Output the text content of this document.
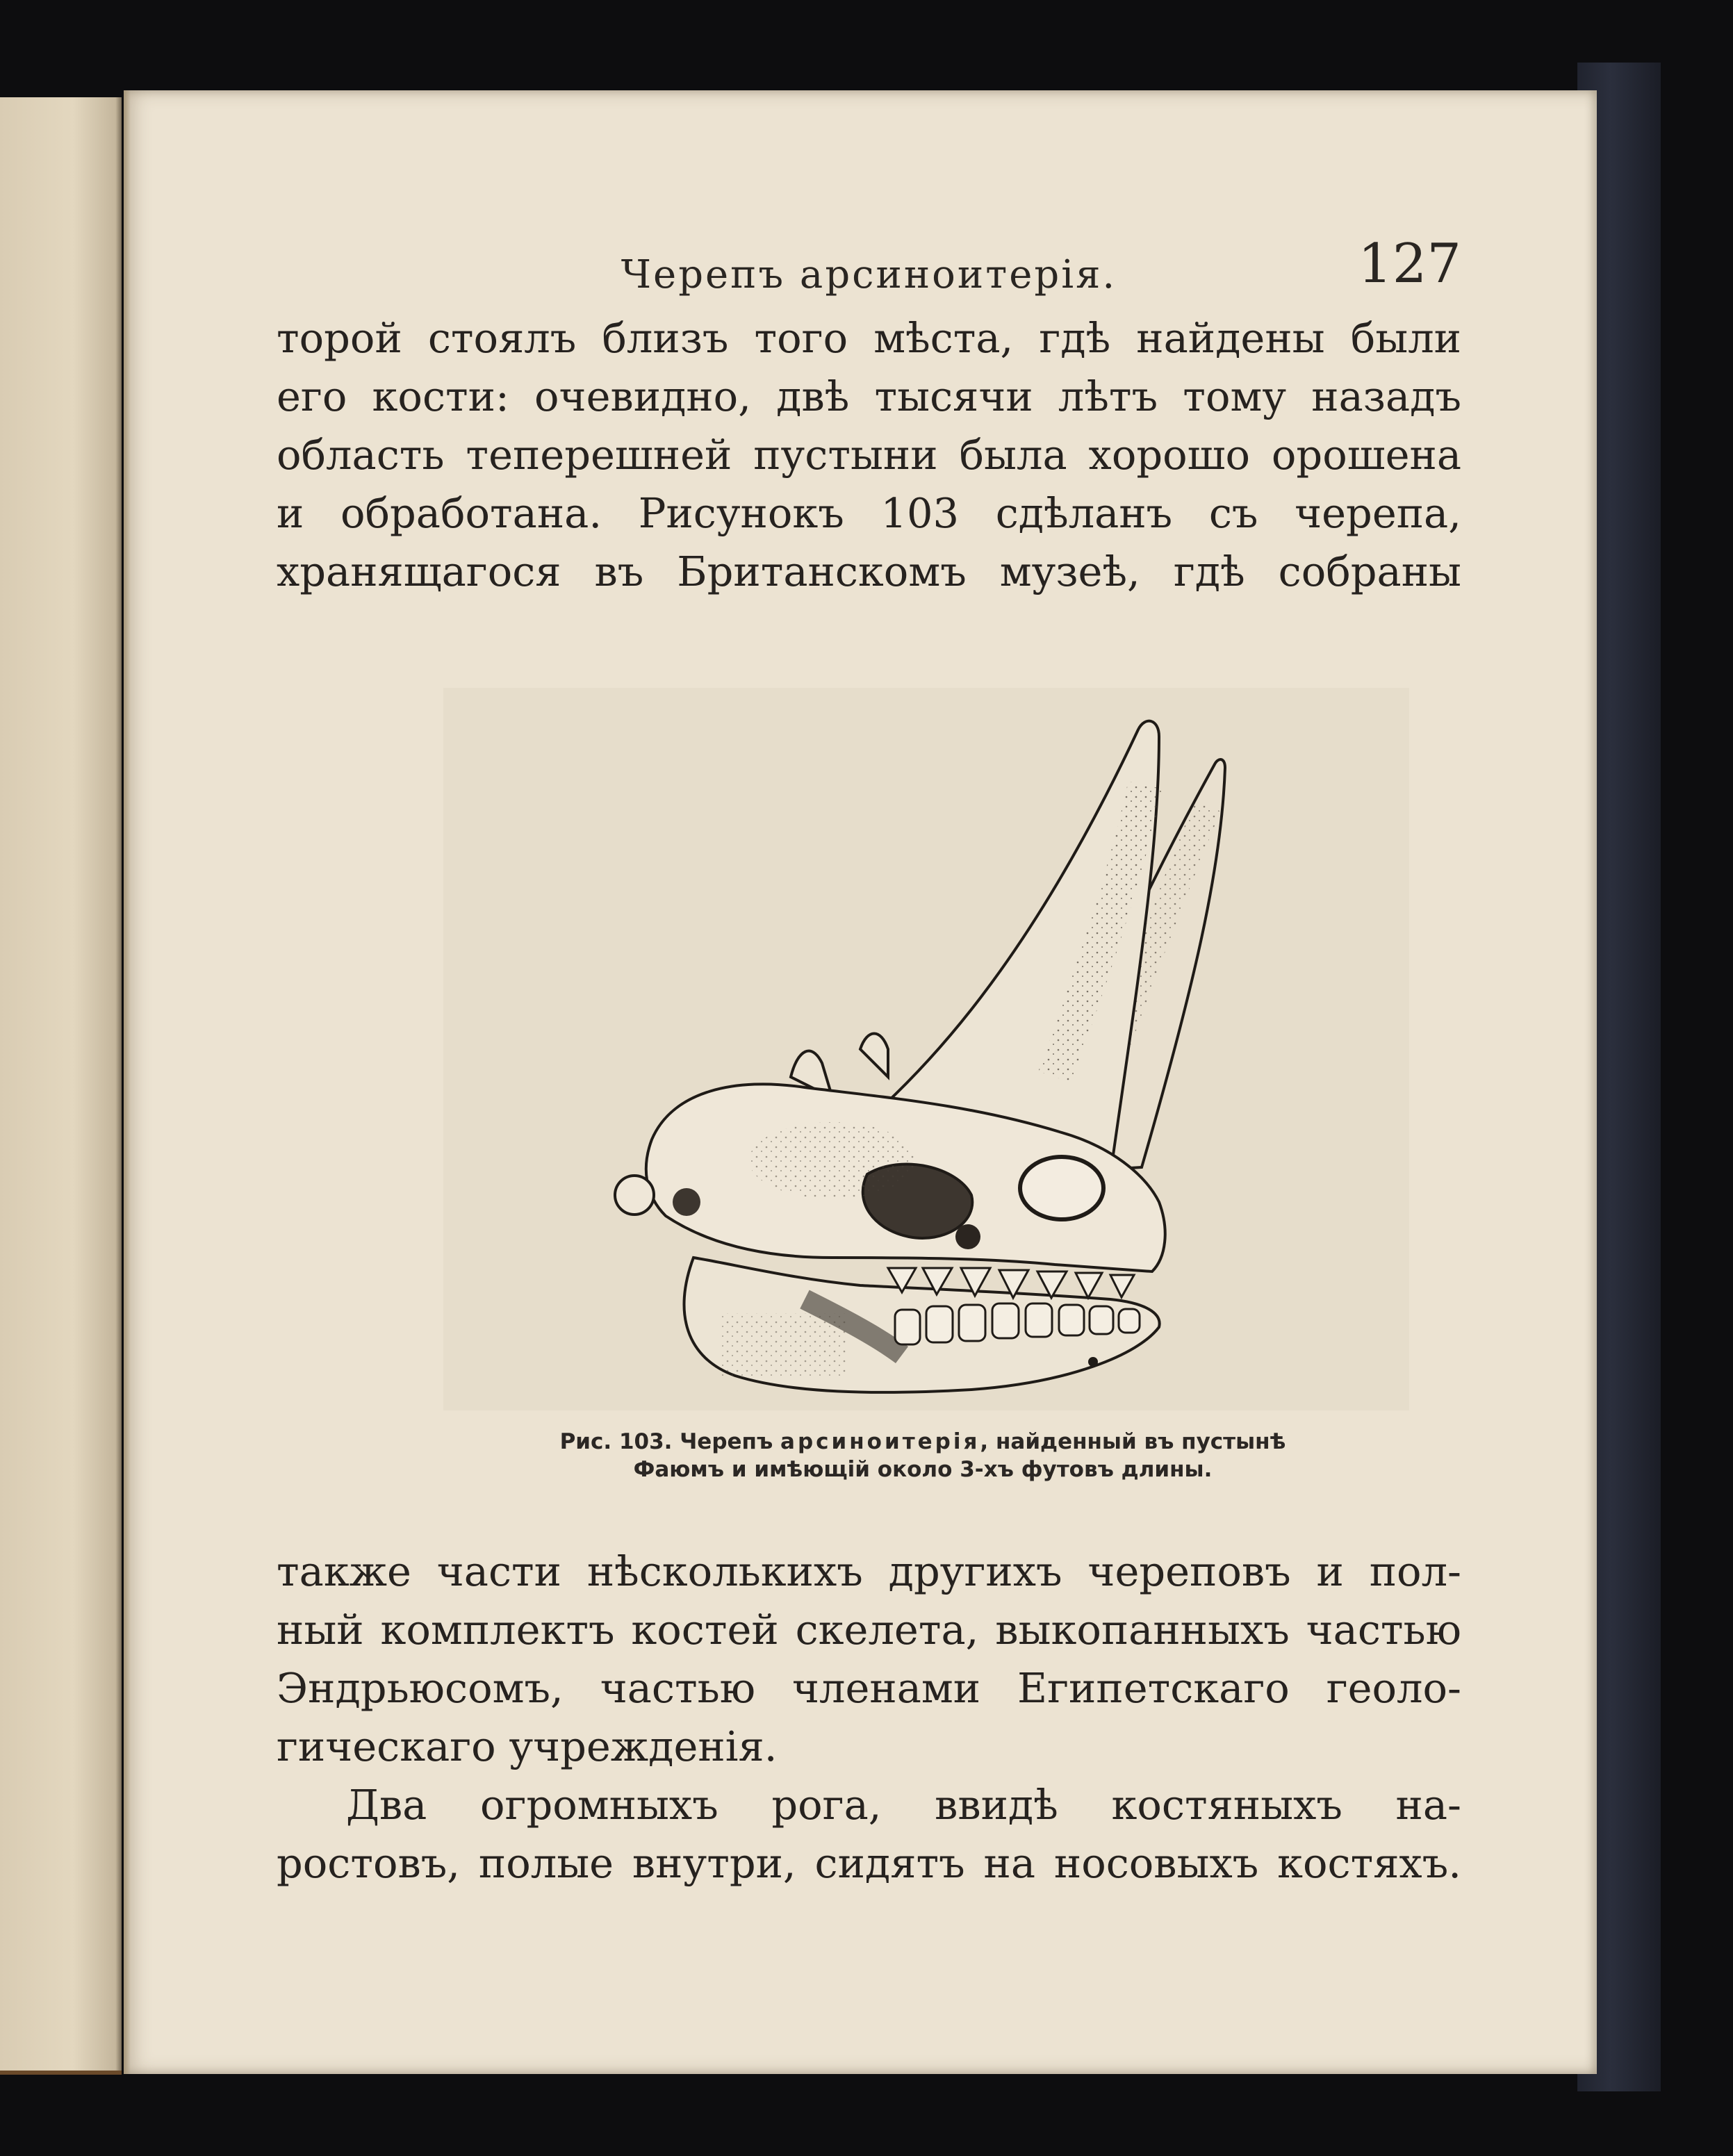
Черепъ арсиноитерія.	127
торой стоялъ близъ того мѣста, гдѣ найдены были
его кости: очевидно, двѣ тысячи лѣтъ тому назадъ
область теперешней пустыни была хорошо орошена
и обработана. Рисунокъ 103 сдѣланъ съ черепа,
хранящагося въ Британскомъ музеѣ, гдѣ собраны
Рис. 103. Черепъ арсиноитерія, найденный въ пустынѣ
Фаюмъ и имѣющій около 3-хъ футовъ длины.
также части нѣсколькихъ другихъ череповъ и пол-
ный комплектъ костей скелета, выкопанныхъ частью
Эндрьюсомъ, частью членами Египетскаго геоло-
гическаго учрежденія.
Два огромныхъ рога, ввидѣ костяныхъ на-
ростовъ, полые внутри, сидятъ на носовыхъ костяхъ.
